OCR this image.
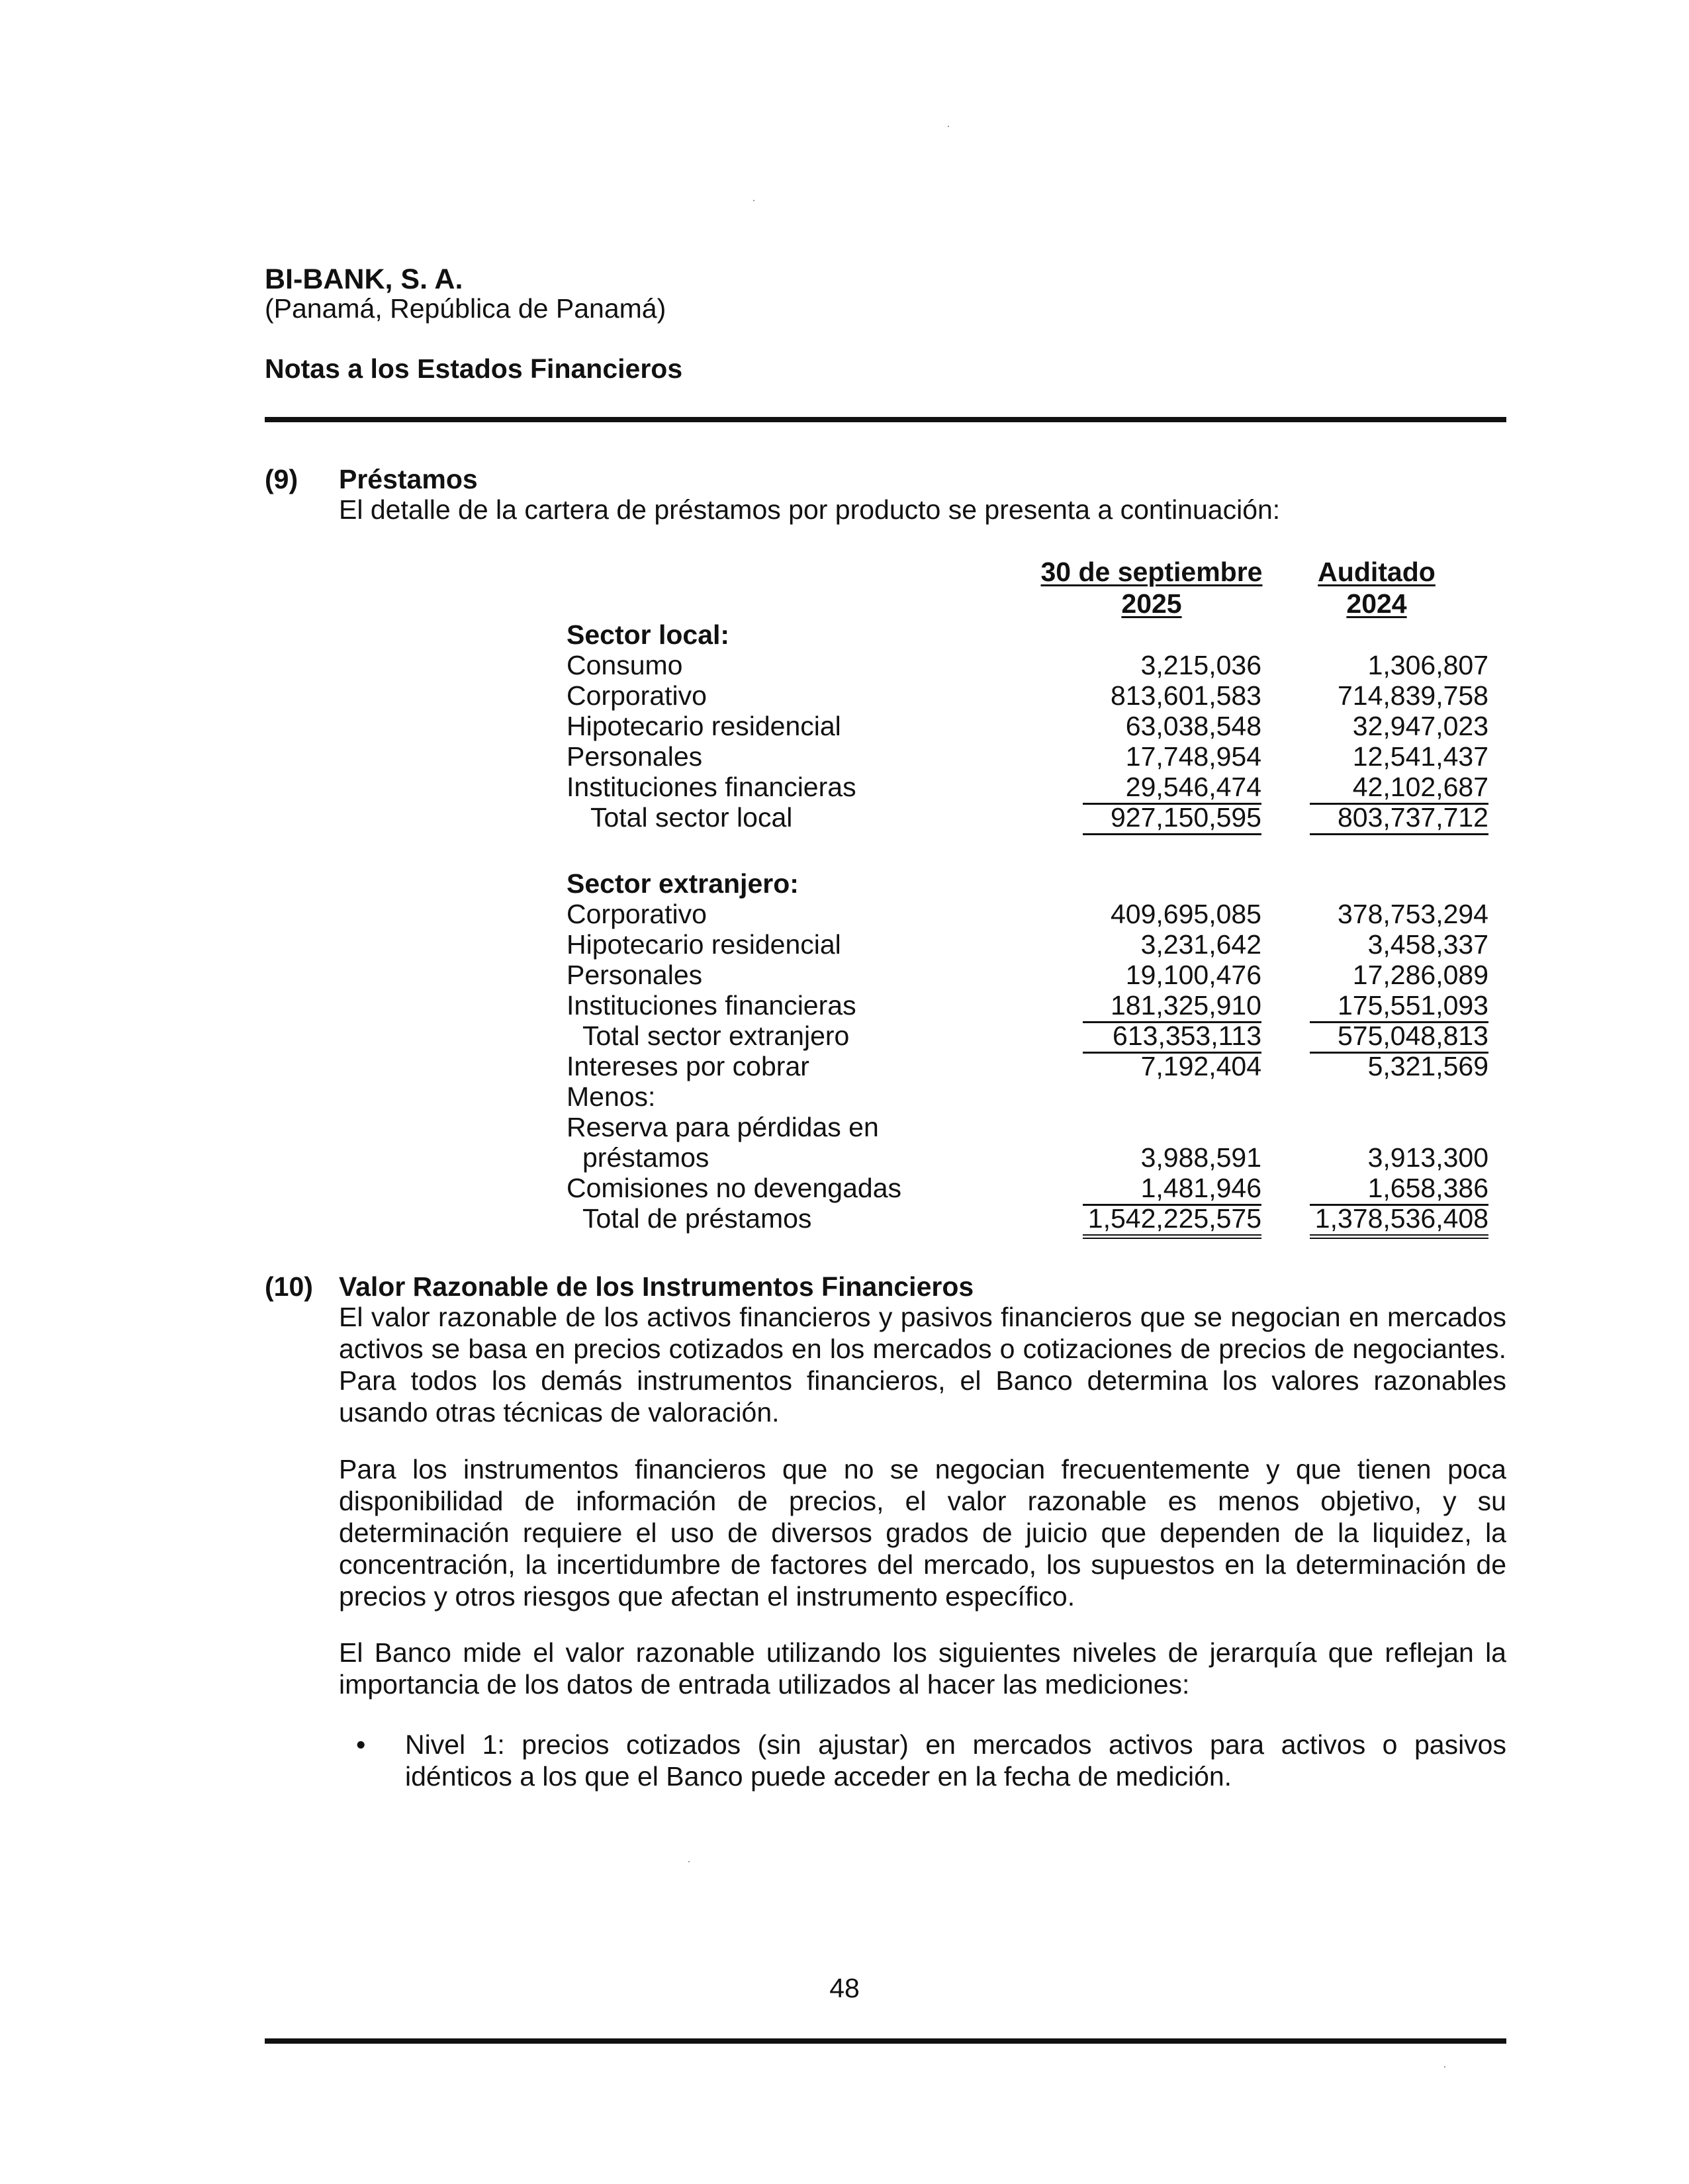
BI-BANK, S. A.
(Panamá, República de Panamá)
Notas a los Estados Financieros
(9) Préstamos
El detalle de la cartera de préstamos por producto se presenta a continuación:
30 de septiembre
2025
Auditado
2024
Sector local:
Consumo	3,215,036	1,306,807
Corporativo	813,601,583	714,839,758
Hipotecario residencial	63,038,548	32,947,023
Personales	17,748,954	12,541,437
Instituciones financieras	29,546,474	42,102,687
Total sector local	927,150,595	803,737,712
Sector extranjero:
Corporativo	409,695,085	378,753,294
Hipotecario residencial	3,231,642	3,458,337
Personales	19,100,476	17,286,089
Instituciones financieras	181,325,910	175,551,093
Total sector extranjero	613,353,113	575,048,813
Intereses por cobrar	7,192,404	5,321,569
Menos:
Reserva para pérdidas en
préstamos	3,988,591	3,913,300
Comisiones no devengadas	1,481,946	1,658,386
Total de préstamos	1,542,225,575 1,378,536,408
(10) Valor Razonable de los Instrumentos Financieros
El valor razonable de los activos financieros y pasivos financieros que se negocian en mercados activos se basa en precios cotizados en los mercados o cotizaciones de precios de negociantes. Para todos los demás instrumentos financieros, el Banco determina los valores razonables usando otras técnicas de valoración.
Para los instrumentos financieros que no se negocian frecuentemente y que tienen poca disponibilidad de información de precios, el valor razonable es menos objetivo, y su determinación requiere el uso de diversos grados de juicio que dependen de la liquidez, la concentración, la incertidumbre de factores del mercado, los supuestos en la determinación de precios y otros riesgos que afectan el instrumento específico.
El Banco mide el valor razonable utilizando los siguientes niveles de jerarquía que reflejan la importancia de los datos de entrada utilizados al hacer las mediciones:
• Nivel 1: precios cotizados (sin ajustar) en mercados activos para activos o pasivos idénticos a los que el Banco puede acceder en la fecha de medición.
48
